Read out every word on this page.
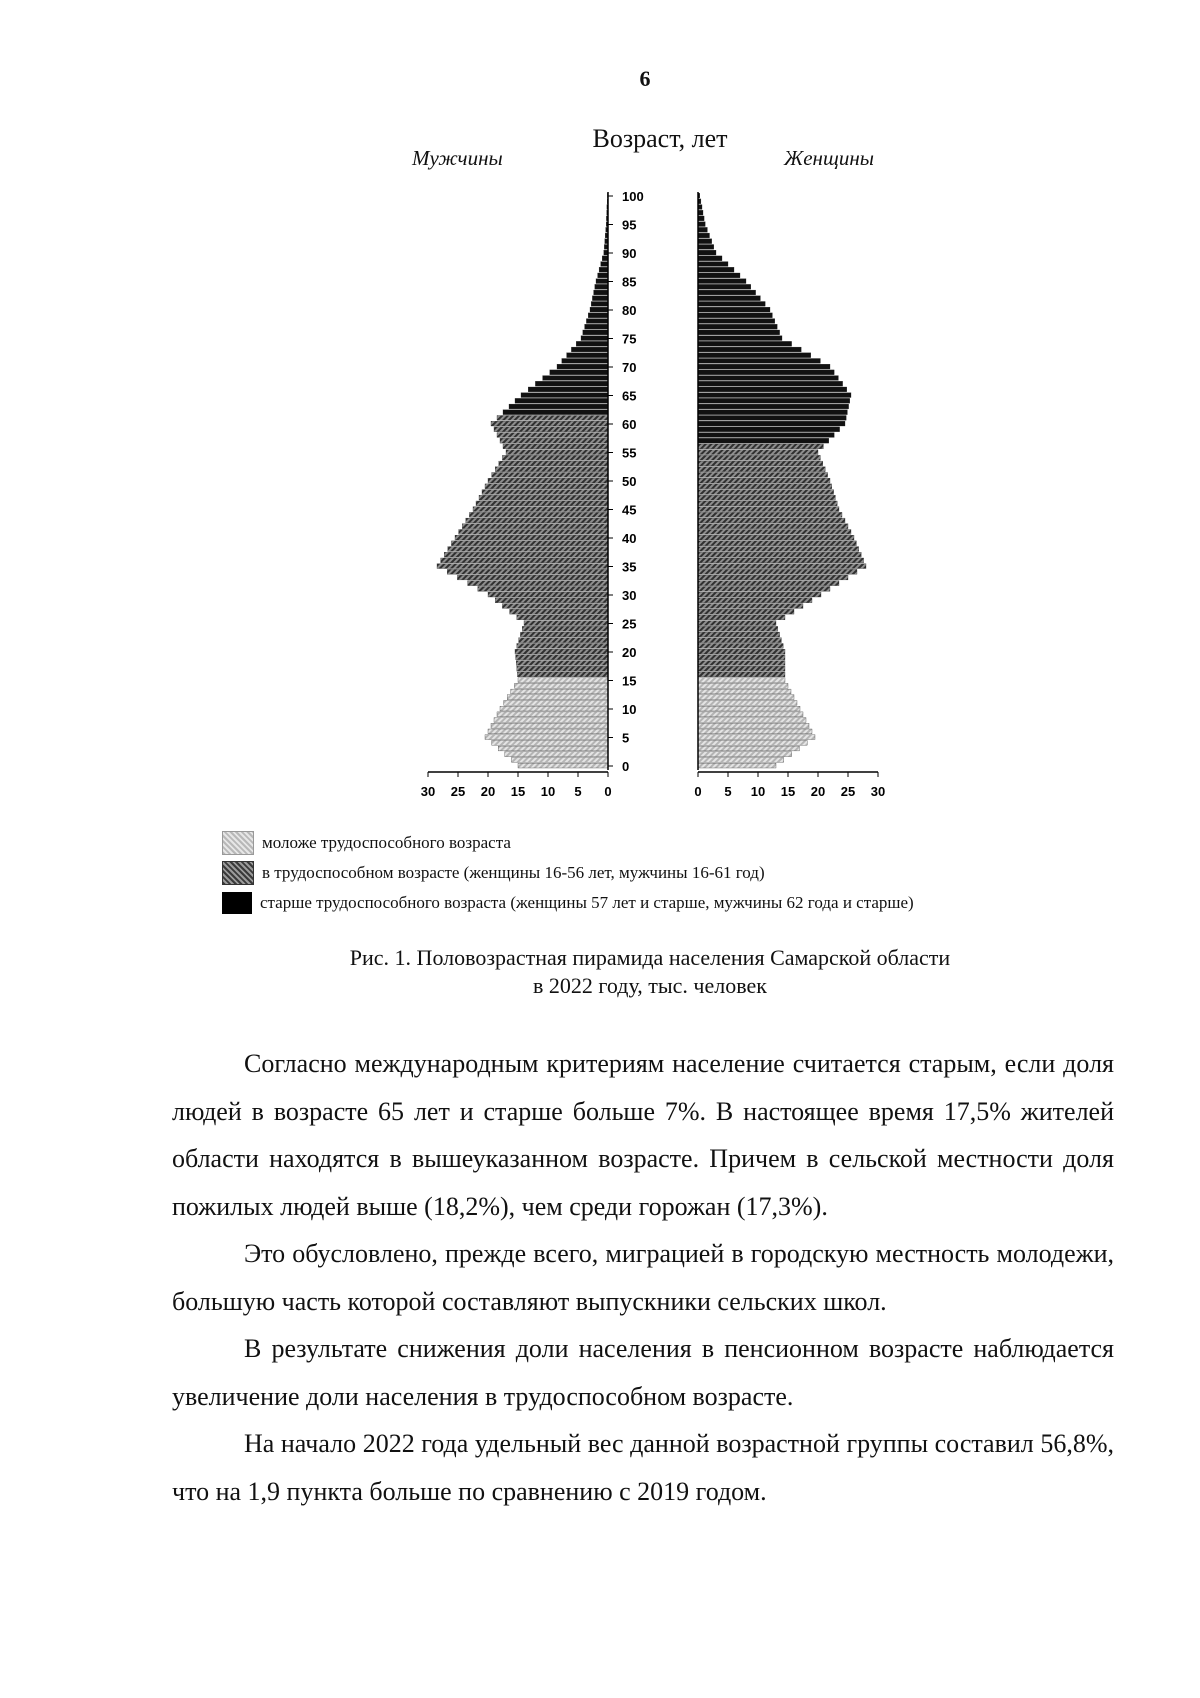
6
Возраст, лет
Мужчины	Женщины
0
5
10
15
20
25
30
35
40
45
50
55
60
65
70
75
80
85
90
95
100
0	0
5	5
10	10
15	15
20	20
25	25
30	30
моложе трудоспособного возраста
в трудоспособном возрасте (женщины 16-56 лет, мужчины 16-61 год)
старше трудоспособного возраста (женщины 57 лет и старше, мужчины 62 года и старше)
Рис. 1. Половозрастная пирамида населения Самарской области
в 2022 году, тыс. человек

Согласно международным критериям население считается старым, если доля людей в возрасте 65 лет и старше больше 7%. В настоящее время 17,5% жителей области находятся в вышеуказанном возрасте. Причем в сельской местности доля пожилых людей выше (18,2%), чем среди горожан (17,3%).

Это обусловлено, прежде всего, миграцией в городскую местность молодежи, большую часть которой составляют выпускники сельских школ.

В результате снижения доли населения в пенсионном возрасте наблюдается увеличение доли населения в трудоспособном возрасте.

На начало 2022 года удельный вес данной возрастной группы составил 56,8%, что на 1,9 пункта больше по сравнению с 2019 годом.
